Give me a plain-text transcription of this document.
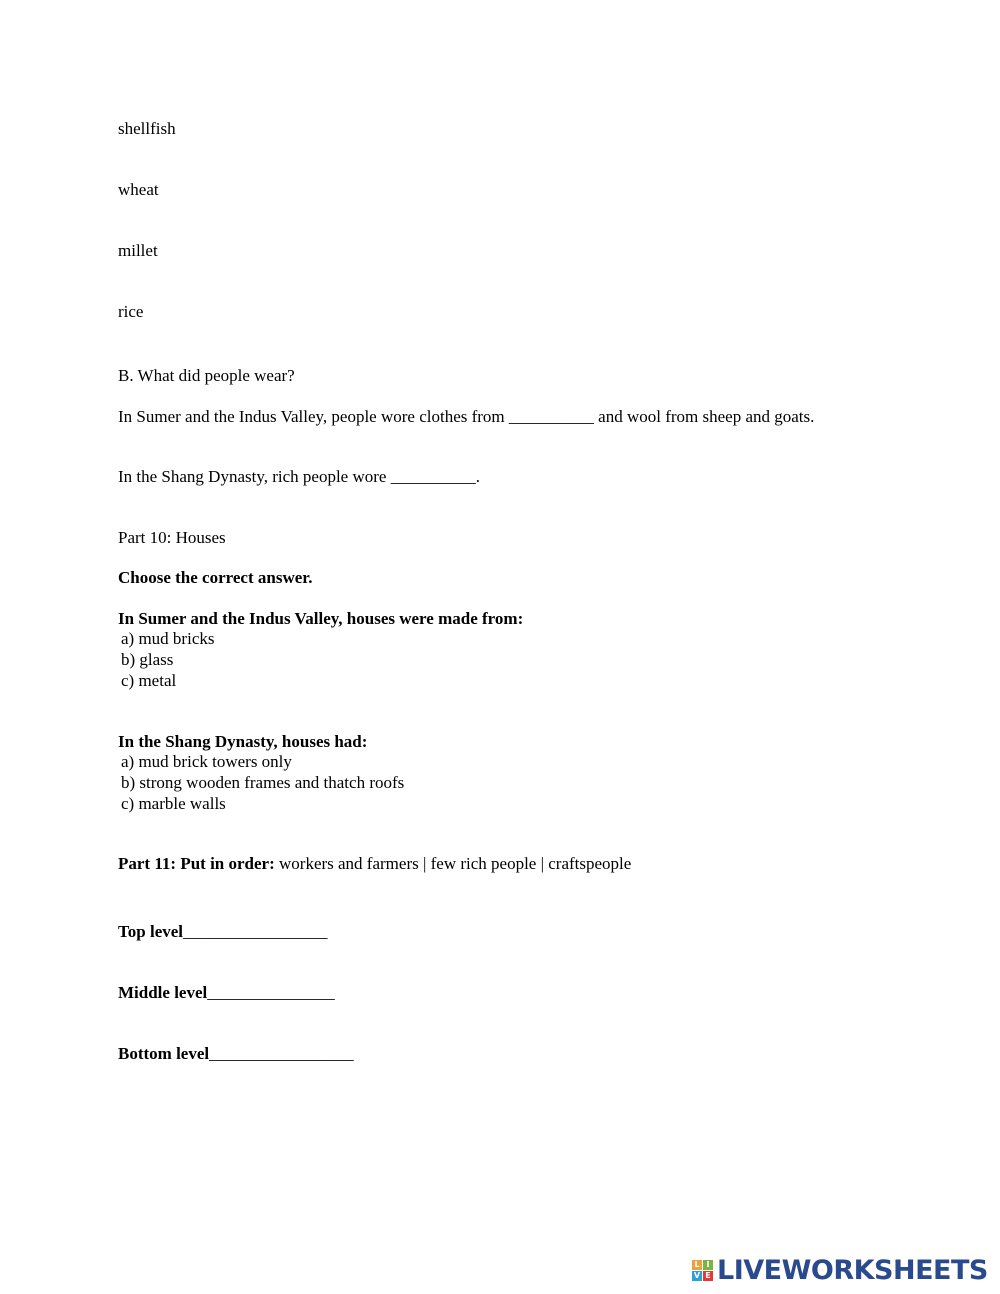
shellfish
wheat
millet
rice
B. What did people wear?
In Sumer and the Indus Valley, people wore clothes from __________ and wool from sheep and goats.
In the Shang Dynasty, rich people wore __________.
Part 10: Houses
Choose the correct answer.
In Sumer and the Indus Valley, houses were made from:
a) mud bricks
b) glass
c) metal
In the Shang Dynasty, houses had:
a) mud brick towers only
b) strong wooden frames and thatch roofs
c) marble walls
Part 11: Put in order: workers and farmers | few rich people | craftspeople
Top level_________________
Middle level_______________
Bottom level_________________
L I
V E LIVEWORKSHEETS
